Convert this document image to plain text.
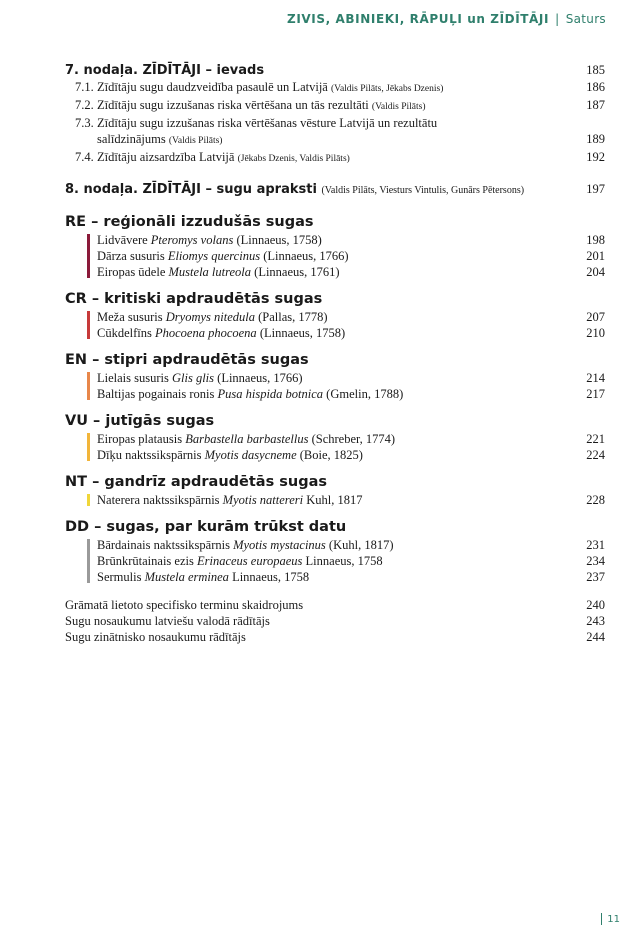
ZIVIS, ABINIEKI, RĀPUĻI un ZĪDĪTĀJI | Saturs
7. nodaļa. ZĪDĪTĀJI – ievads	185
7.1. Zīdītāju sugu daudzveidība pasaulē un Latvijā (Valdis Pilāts, Jēkabs Dzenis)	186
7.2. Zīdītāju sugu izzušanas riska vērtēšana un tās rezultāti (Valdis Pilāts)	187
7.3. Zīdītāju sugu izzušanas riska vērtēšanas vēsture Latvijā un rezultātu
salīdzinājums (Valdis Pilāts)	189
7.4. Zīdītāju aizsardzība Latvijā (Jēkabs Dzenis, Valdis Pilāts)	192
8. nodaļa. ZĪDĪTĀJI – sugu apraksti (Valdis Pilāts, Viesturs Vintulis, Gunārs Pētersons)	197
RE – reģionāli izzudušās sugas
Lidvāvere Pteromys volans (Linnaeus, 1758)	198
Dārza susuris Eliomys quercinus (Linnaeus, 1766)	201
Eiropas ūdele Mustela lutreola (Linnaeus, 1761)	204
CR – kritiski apdraudētās sugas
Meža susuris Dryomys nitedula (Pallas, 1778)	207
Cūkdelfīns Phocoena phocoena (Linnaeus, 1758)	210
EN – stipri apdraudētās sugas
Lielais susuris Glis glis (Linnaeus, 1766)	214
Baltijas pogainais ronis Pusa hispida botnica (Gmelin, 1788)	217
VU – jutīgās sugas
Eiropas platausis Barbastella barbastellus (Schreber, 1774)	221
Dīķu naktssikspārnis Myotis dasycneme (Boie, 1825)	224
NT – gandrīz apdraudētās sugas
Naterera naktssikspārnis Myotis nattereri Kuhl, 1817	228
DD – sugas, par kurām trūkst datu
Bārdainais naktssikspārnis Myotis mystacinus (Kuhl, 1817)	231
Brūnkrūtainais ezis Erinaceus europaeus Linnaeus, 1758	234
Sermulis Mustela erminea Linnaeus, 1758	237
Grāmatā lietoto specifisko terminu skaidrojums	240
Sugu nosaukumu latviešu valodā rādītājs	243
Sugu zinātnisko nosaukumu rādītājs	244
11
